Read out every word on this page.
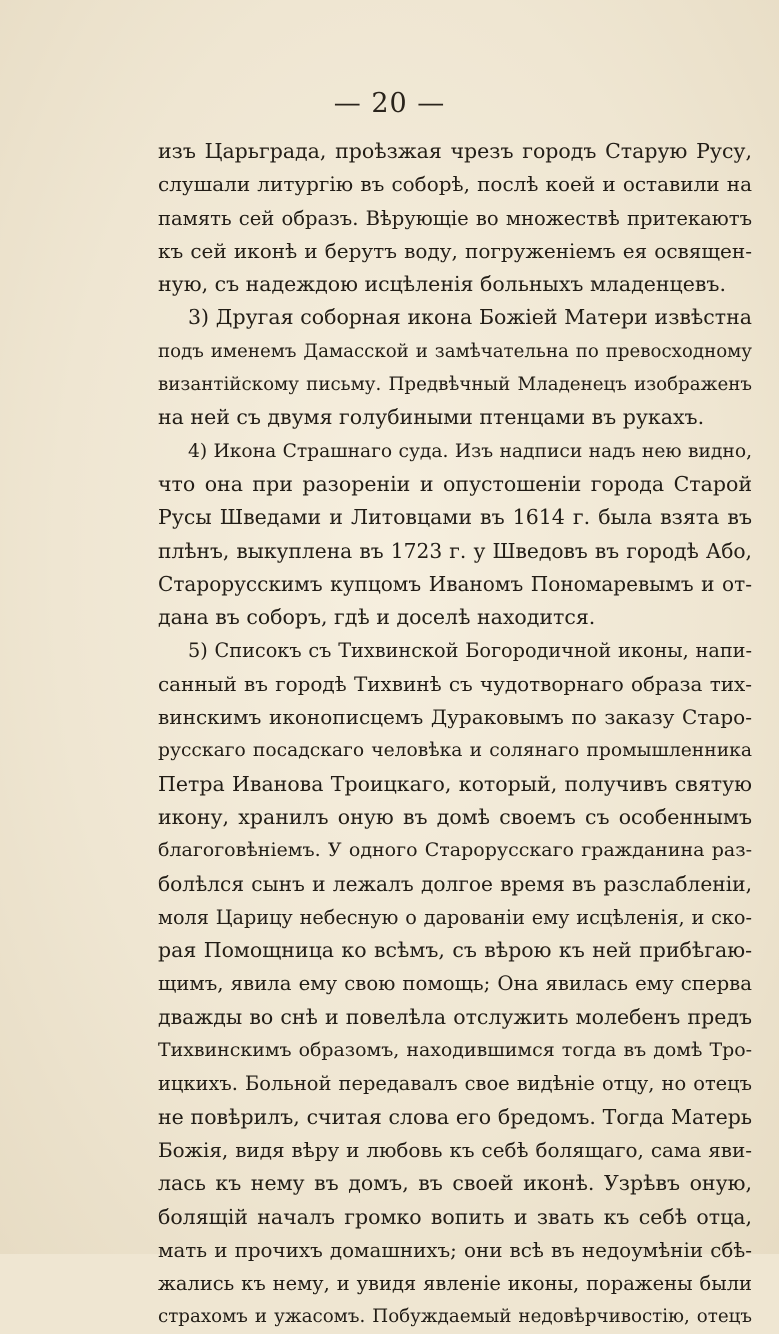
— 20 —
изъ Царьграда, проѣзжая чрезъ городъ Старую Русу,
слушали литургію въ соборѣ, послѣ коей и оставили на
память сей образъ. Вѣрующіе во множествѣ притекаютъ
къ сей иконѣ и берутъ воду, погруженіемъ ея освящен-
ную, съ надеждою исцѣленія больныхъ младенцевъ.
3) Другая соборная икона Божіей Матери извѣстна
подъ именемъ Дамасской и замѣчательна по превосходному
византійскому письму. Предвѣчный Младенецъ изображенъ
на ней съ двумя голубиными птенцами въ рукахъ.
4) Икона Страшнаго суда. Изъ надписи надъ нею видно,
что она при разореніи и опустошеніи города Старой
Русы Шведами и Литовцами въ 1614 г. была взята въ
плѣнъ, выкуплена въ 1723 г. у Шведовъ въ городѣ Або,
Старорусскимъ купцомъ Иваномъ Пономаревымъ и от-
дана въ соборъ, гдѣ и доселѣ находится.
5) Списокъ съ Тихвинской Богородичной иконы, напи-
санный въ городѣ Тихвинѣ съ чудотворнаго образа тих-
винскимъ иконописцемъ Дураковымъ по заказу Старо-
русскаго посадскаго человѣка и солянаго промышленника
Петра Иванова Троицкаго, который, получивъ святую
икону, хранилъ оную въ домѣ своемъ съ особеннымъ
благоговѣніемъ. У одного Старорусскаго гражданина раз-
болѣлся сынъ и лежалъ долгое время въ разслабленіи,
моля Царицу небесную о дарованіи ему исцѣленія, и ско-
рая Помощница ко всѣмъ, съ вѣрою къ ней прибѣгаю-
щимъ, явила ему свою помощь; Она явилась ему сперва
дважды во снѣ и повелѣла отслужить молебенъ предъ
Тихвинскимъ образомъ, находившимся тогда въ домѣ Тро-
ицкихъ. Больной передавалъ свое видѣніе отцу, но отецъ
не повѣрилъ, считая слова его бредомъ. Тогда Матерь
Божія, видя вѣру и любовь къ себѣ болящаго, сама яви-
лась къ нему въ домъ, въ своей иконѣ. Узрѣвъ оную,
болящій началъ громко вопить и звать къ себѣ отца,
мать и прочихъ домашнихъ; они всѣ въ недоумѣніи сбѣ-
жались къ нему, и увидя явленіе иконы, поражены были
страхомъ и ужасомъ. Побуждаемый недовѣрчивостію, отецъ
